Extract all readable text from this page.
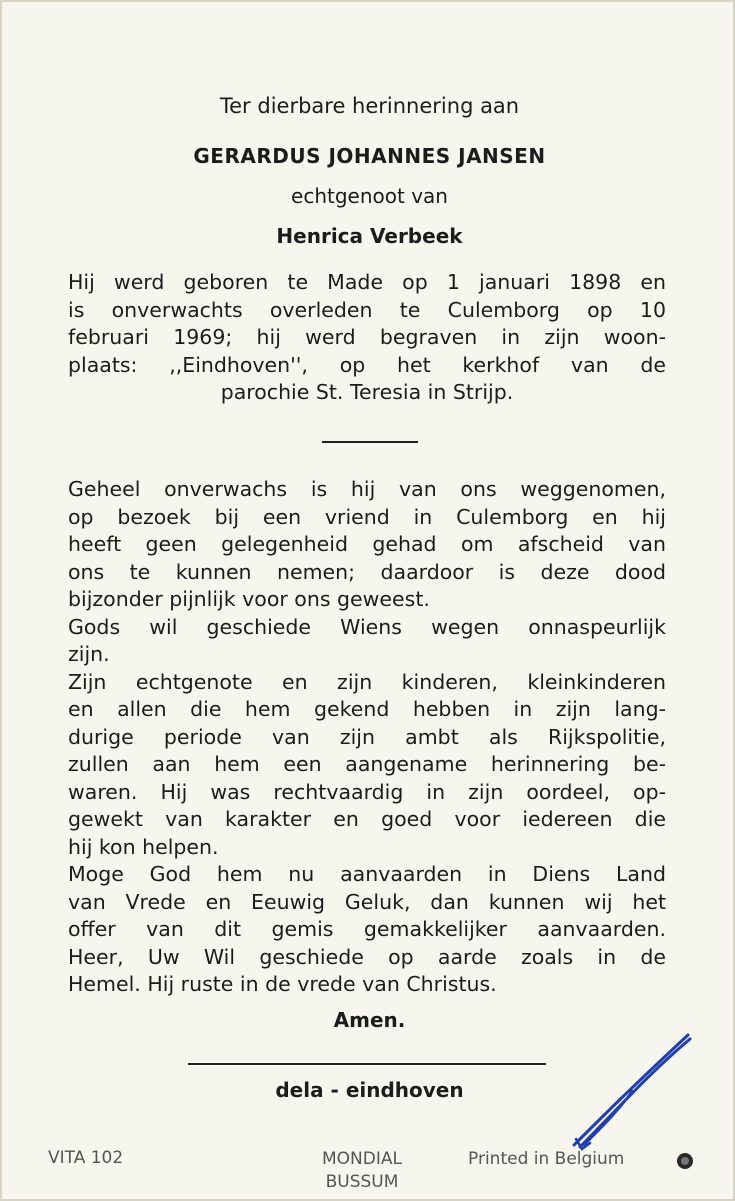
Ter dierbare herinnering aan
GERARDUS JOHANNES JANSEN
echtgenoot van
Henrica Verbeek

Hij werd geboren te Made op 1 januari 1898 en

is onverwachts overleden te Culemborg op 10

februari 1969; hij werd begraven in zijn woon-

plaats: ,,Eindhoven'', op het kerkhof van de

parochie St. Teresia in Strijp.

Geheel onverwachs is hij van ons weggenomen,

op bezoek bij een vriend in Culemborg en hij

heeft geen gelegenheid gehad om afscheid van

ons te kunnen nemen; daardoor is deze dood

bijzonder pijnlijk voor ons geweest.

Gods wil geschiede Wiens wegen onnaspeurlijk

zijn.

Zijn echtgenote en zijn kinderen, kleinkinderen

en allen die hem gekend hebben in zijn lang-

durige periode van zijn ambt als Rijkspolitie,

zullen aan hem een aangename herinnering be-

waren. Hij was rechtvaardig in zijn oordeel, op-

gewekt van karakter en goed voor iedereen die

hij kon helpen.

Moge God hem nu aanvaarden in Diens Land

van Vrede en Eeuwig Geluk, dan kunnen wij het

offer van dit gemis gemakkelijker aanvaarden.

Heer, Uw Wil geschiede op aarde zoals in de

Hemel. Hij ruste in de vrede van Christus.

Amen.
dela - eindhoven
VITA 102	MONDIAL
BUSSUM
Printed in Belgium
